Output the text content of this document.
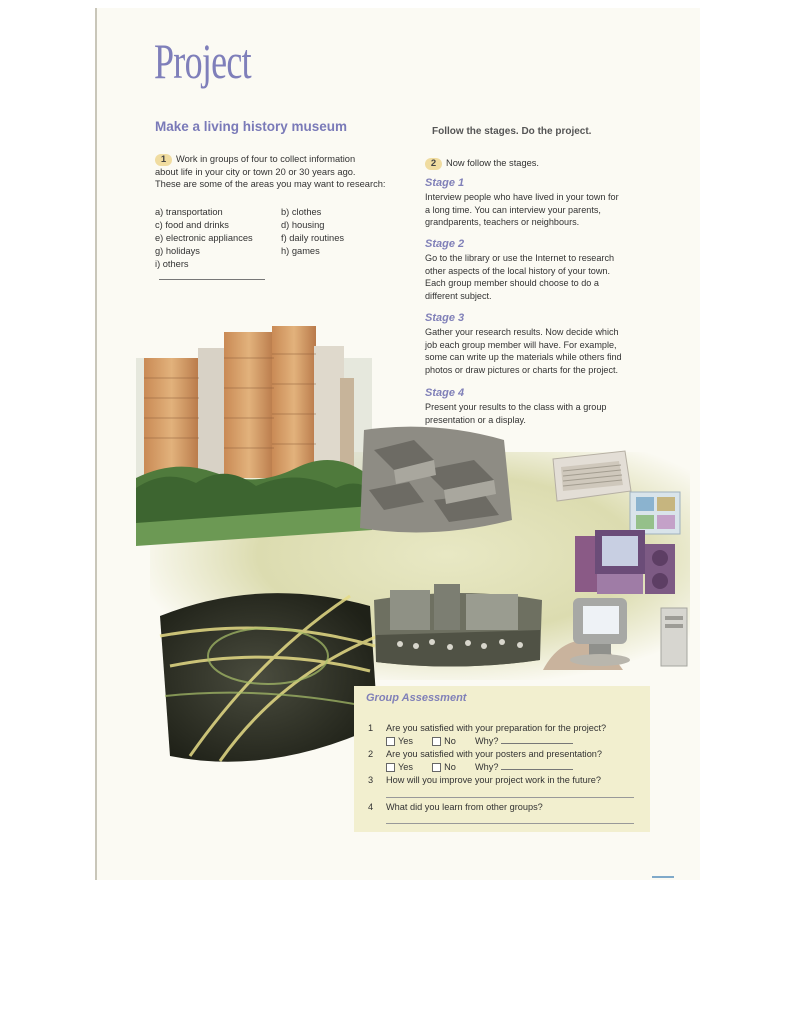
Project
Make a living history museum	Follow the stages. Do the project.
1 Work in groups of four to collect information
about life in your city or town 20 or 30 years ago.
These are some of the areas you may want to research:
a) transportation	b) clothes
c) food and drinks	d) housing
e) electronic appliances	f) daily routines
g) holidays	h) games
i) others
2 Now follow the stages.
Stage 1
Interview people who have lived in your town for
a long time. You can interview your parents,
grandparents, teachers or neighbours.
Stage 2
Go to the library or use the Internet to research
other aspects of the local history of your town.
Each group member should choose to do a
different subject.
Stage 3
Gather your research results. Now decide which
job each group member will have. For example,
some can write up the materials while others find
photos or draw pictures or charts for the project.
Stage 4
Present your results to the class with a group
presentation or a display.
Group Assessment
1 Are you satisfied with your preparation for the project?
Yes	No Why?
2 Are you satisfied with your posters and presentation?
Yes	No Why?
3 How will you improve your project work in the future?
4 What did you learn from other groups?
